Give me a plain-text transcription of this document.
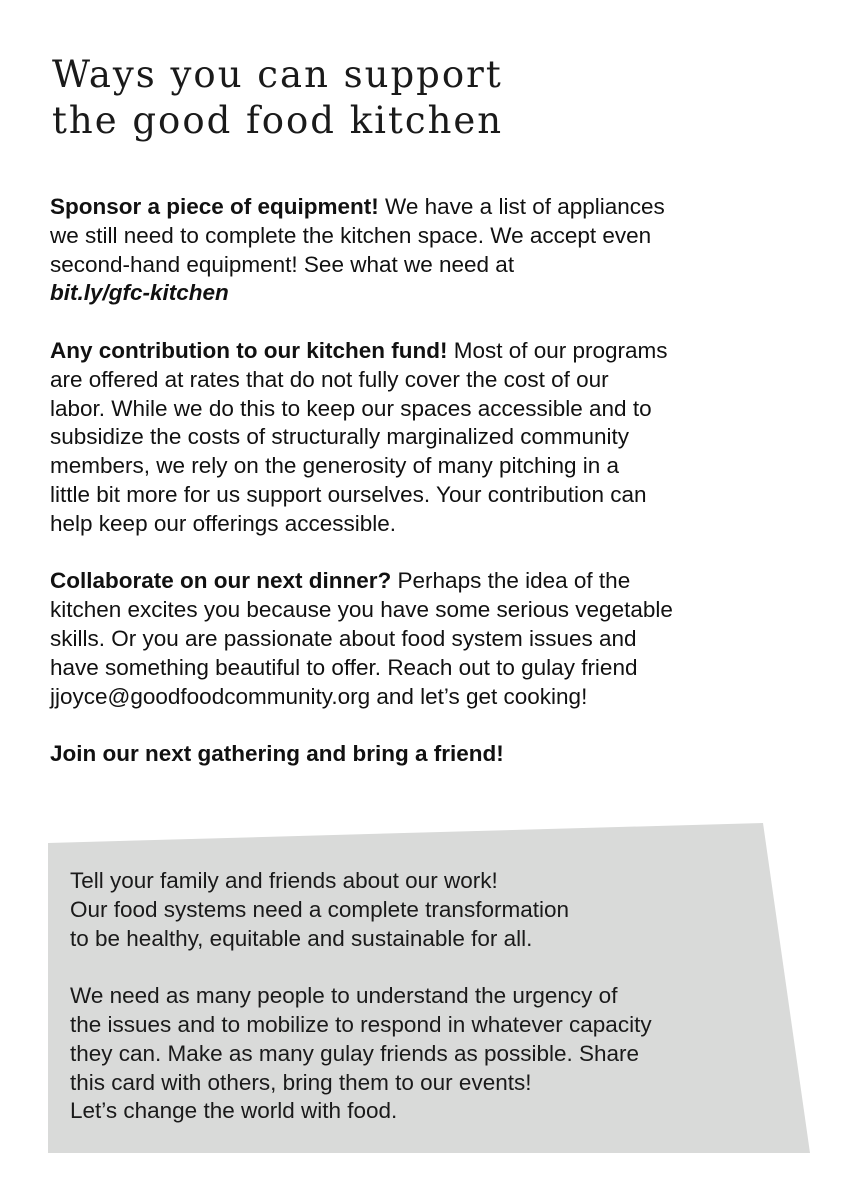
Ways you can support
the good food kitchen
Sponsor a piece of equipment! We have a list of appliances
we still need to complete the kitchen space. We accept even
second-hand equipment! See what we need at
bit.ly/gfc-kitchen
Any contribution to our kitchen fund! Most of our programs
are offered at rates that do not fully cover the cost of our
labor. While we do this to keep our spaces accessible and to
subsidize the costs of structurally marginalized community
members, we rely on the generosity of many pitching in a
little bit more for us support ourselves. Your contribution can
help keep our offerings accessible.
Collaborate on our next dinner? Perhaps the idea of the
kitchen excites you because you have some serious vegetable
skills. Or you are passionate about food system issues and
have something beautiful to offer. Reach out to gulay friend
jjoyce@goodfoodcommunity.org and let’s get cooking!
Join our next gathering and bring a friend!
Tell your family and friends about our work!
Our food systems need a complete transformation
to be healthy, equitable and sustainable for all.
We need as many people to understand the urgency of
the issues and to mobilize to respond in whatever capacity
they can. Make as many gulay friends as possible. Share
this card with others, bring them to our events!
Let’s change the world with food.
